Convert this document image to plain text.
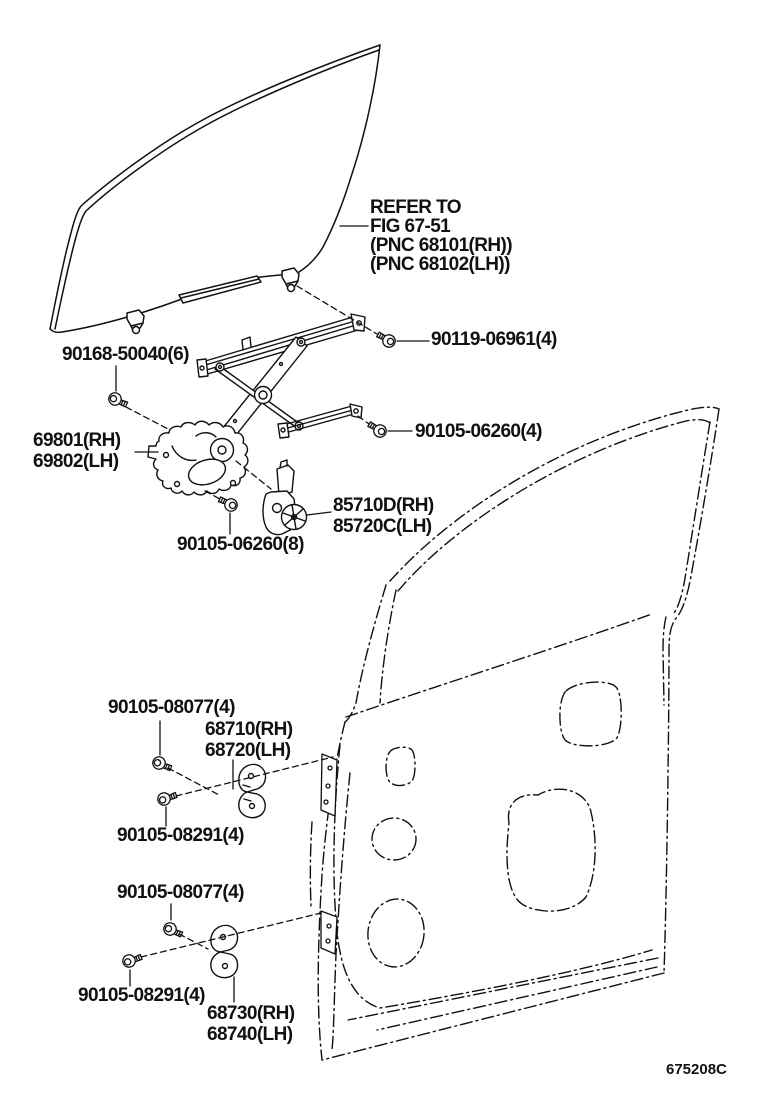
REFER TO
FIG 67-51
(PNC 68101(RH))
(PNC 68102(LH))
90168-50040(6)
90119-06961(4)
69801(RH)
69802(LH)
90105-06260(4)
85710D(RH)
85720C(LH)
90105-06260(8)
90105-08077(4)
68710(RH)
68720(LH)
90105-08291(4)
90105-08077(4)
90105-08291(4)
68730(RH)
68740(LH)
675208C
